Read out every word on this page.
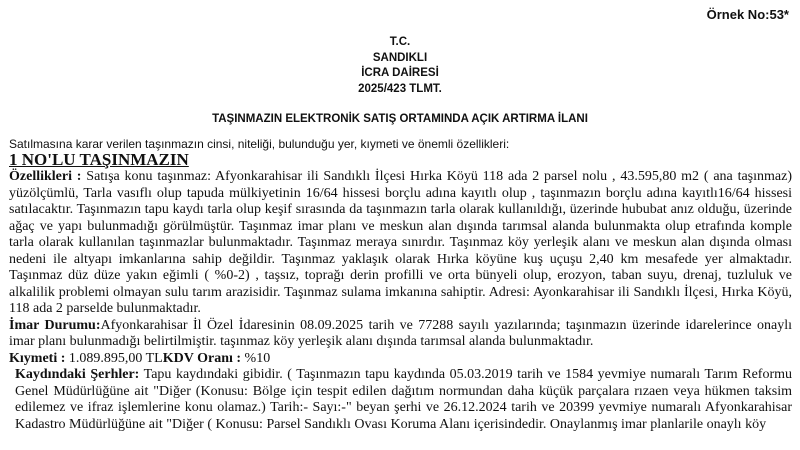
Örnek No:53*
T.C.
SANDIKLI
İCRA DAİRESİ
2025/423 TLMT.
TAŞINMAZIN ELEKTRONİK SATIŞ ORTAMINDA AÇIK ARTIRMA İLANI
Satılmasına karar verilen taşınmazın cinsi, niteliği, bulunduğu yer, kıymeti ve önemli özellikleri:
1 NO'LU TAŞINMAZIN

Özellikleri : Satışa konu taşınmaz: Afyonkarahisar ili Sandıklı İlçesi Hırka Köyü 118 ada 2 parsel nolu , 43.595,80 m2 ( ana taşınmaz) yüzölçümlü, Tarla vasıflı olup tapuda mülkiyetinin 16/64 hissesi borçlu adına kayıtlı olup , taşınmazın borçlu adına kayıtlı16/64 hissesi satılacaktır. Taşınmazın tapu kaydı tarla olup keşif sırasında da taşınmazın tarla olarak kullanıldığı, üzerinde hububat anız olduğu, üzerinde ağaç ve yapı bulunmadığı görülmüştür. Taşınmaz imar planı ve meskun alan dışında tarımsal alanda bulunmakta olup etrafında komple tarla olarak kullanılan taşınmazlar bulunmaktadır. Taşınmaz meraya sınırdır. Taşınmaz köy yerleşik alanı ve meskun alan dışında olması nedeni ile altyapı imkanlarına sahip değildir. Taşınmaz yaklaşık olarak Hırka köyüne kuş uçuşu 2,40 km mesafede yer almaktadır. Taşınmaz düz düze yakın eğimli ( %0-2) , taşsız, toprağı derin profilli ve orta bünyeli olup, erozyon, taban suyu, drenaj, tuzluluk ve alkalilik problemi olmayan sulu tarım arazisidir. Taşınmaz sulama imkanına sahiptir. Adresi: Ayonkarahisar ili Sandıklı İlçesi, Hırka Köyü, 118 ada 2 parselde bulunmaktadır.

İmar Durumu:Afyonkarahisar İl Özel İdaresinin 08.09.2025 tarih ve 77288 sayılı yazılarında; taşınmazın üzerinde idarelerince onaylı imar planı bulunmadığı belirtilmiştir. taşınmaz köy yerleşik alanı dışında tarımsal alanda bulunmaktadır.

Kıymeti : 1.089.895,00 TLKDV Oranı : %10

Kaydındaki Şerhler: Tapu kaydındaki gibidir. ( Taşınmazın tapu kaydında 05.03.2019 tarih ve 1584 yevmiye numaralı Tarım Reformu Genel Müdürlüğüne ait "Diğer (Konusu: Bölge için tespit edilen dağıtım normundan daha küçük parçalara rızaen veya hükmen taksim edilemez ve ifraz işlemlerine konu olamaz.) Tarih:- Sayı:-" beyan şerhi ve 26.12.2024 tarih ve 20399 yevmiye numaralı Afyonkarahisar Kadastro Müdürlüğüne ait "Diğer ( Konusu: Parsel Sandıklı Ovası Koruma Alanı içerisindedir. Onaylanmış imar planlarile onaylı köy
